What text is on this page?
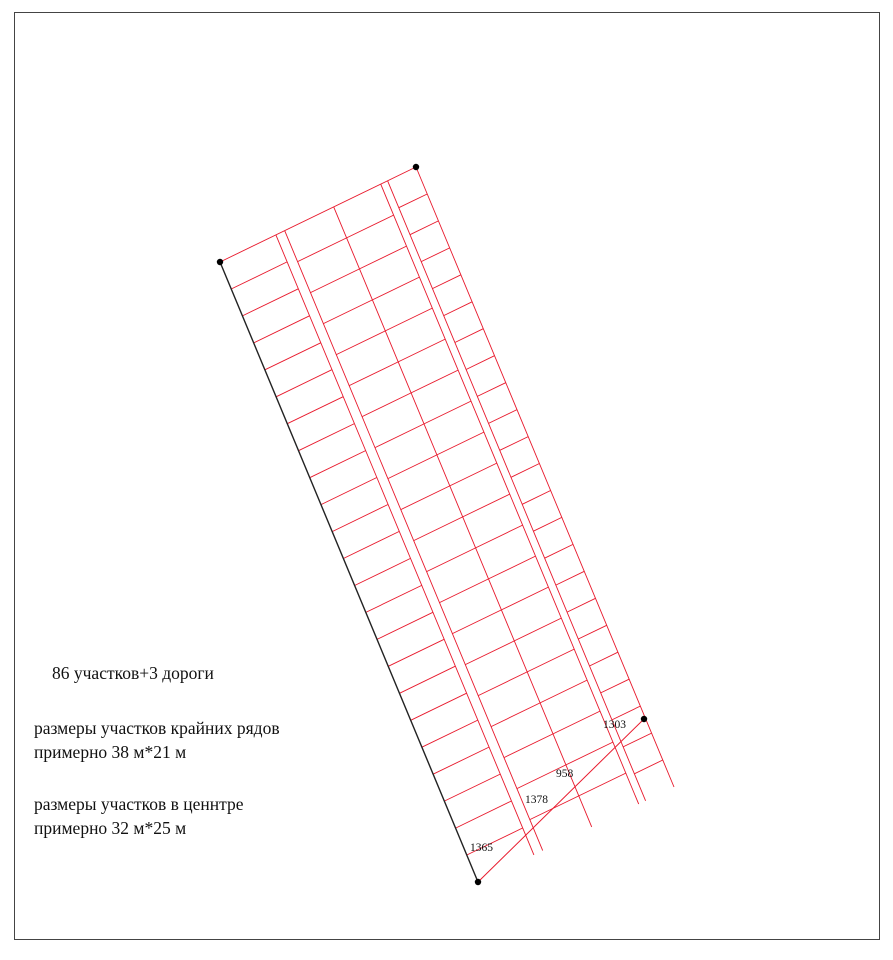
1365
1378
958
1303
86 участков+3 дороги
размеры участков крайних рядов
примерно 38 м*21 м
размеры участков в ценнтре
примерно 32 м*25 м
